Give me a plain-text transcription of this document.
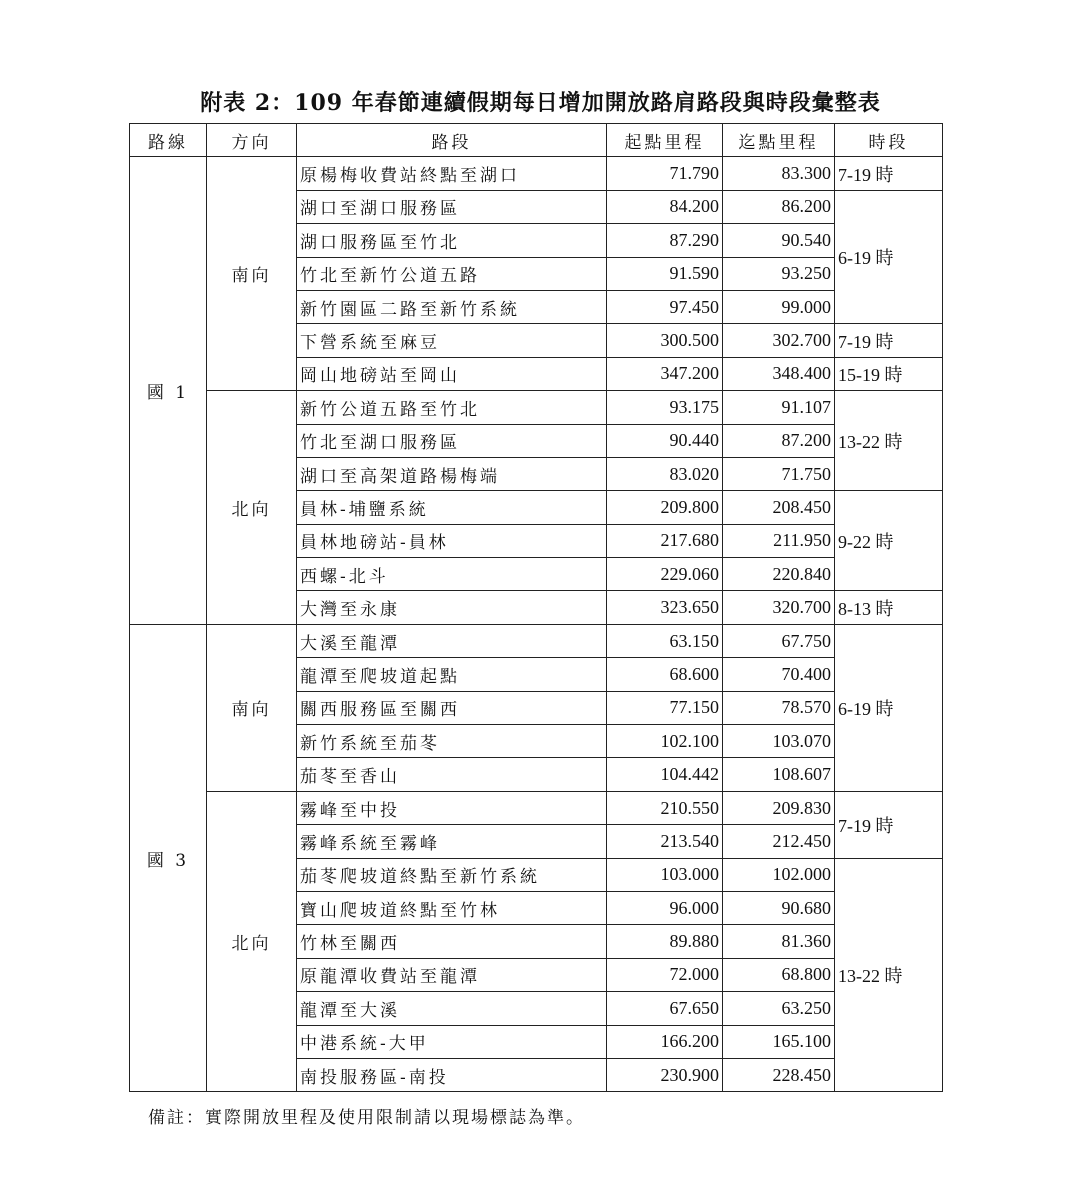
附表 2：109 年春節連續假期每日增加開放路肩路段與時段彙整表
路線	方向	路段	起點里程	迄點里程	時段
國 1	南向	原楊梅收費站終點至湖口	71.790	83.300	7-19 時
		湖口至湖口服務區	84.200	86.200	6-19 時
		湖口服務區至竹北	87.290	90.540	
		竹北至新竹公道五路	91.590	93.250	
		新竹園區二路至新竹系統	97.450	99.000	
		下營系統至麻豆	300.500	302.700	7-19 時
		岡山地磅站至岡山	347.200	348.400	15-19 時
	北向	新竹公道五路至竹北	93.175	91.107	13-22 時
		竹北至湖口服務區	90.440	87.200	
		湖口至高架道路楊梅端	83.020	71.750	
		員林-埔鹽系統	209.800	208.450	9-22 時
		員林地磅站-員林	217.680	211.950	
		西螺-北斗	229.060	220.840	
		大灣至永康	323.650	320.700	8-13 時
國 3	南向	大溪至龍潭	63.150	67.750	6-19 時
		龍潭至爬坡道起點	68.600	70.400	
		關西服務區至關西	77.150	78.570	
		新竹系統至茄苳	102.100	103.070	
		茄苳至香山	104.442	108.607	
	北向	霧峰至中投	210.550	209.830	7-19 時
		霧峰系統至霧峰	213.540	212.450	
		茄苳爬坡道終點至新竹系統	103.000	102.000	13-22 時
		寶山爬坡道終點至竹林	96.000	90.680	
		竹林至關西	89.880	81.360	
		原龍潭收費站至龍潭	72.000	68.800	
		龍潭至大溪	67.650	63.250	
		中港系統-大甲	166.200	165.100	
		南投服務區-南投	230.900	228.450	
備註：實際開放里程及使用限制請以現場標誌為準。
